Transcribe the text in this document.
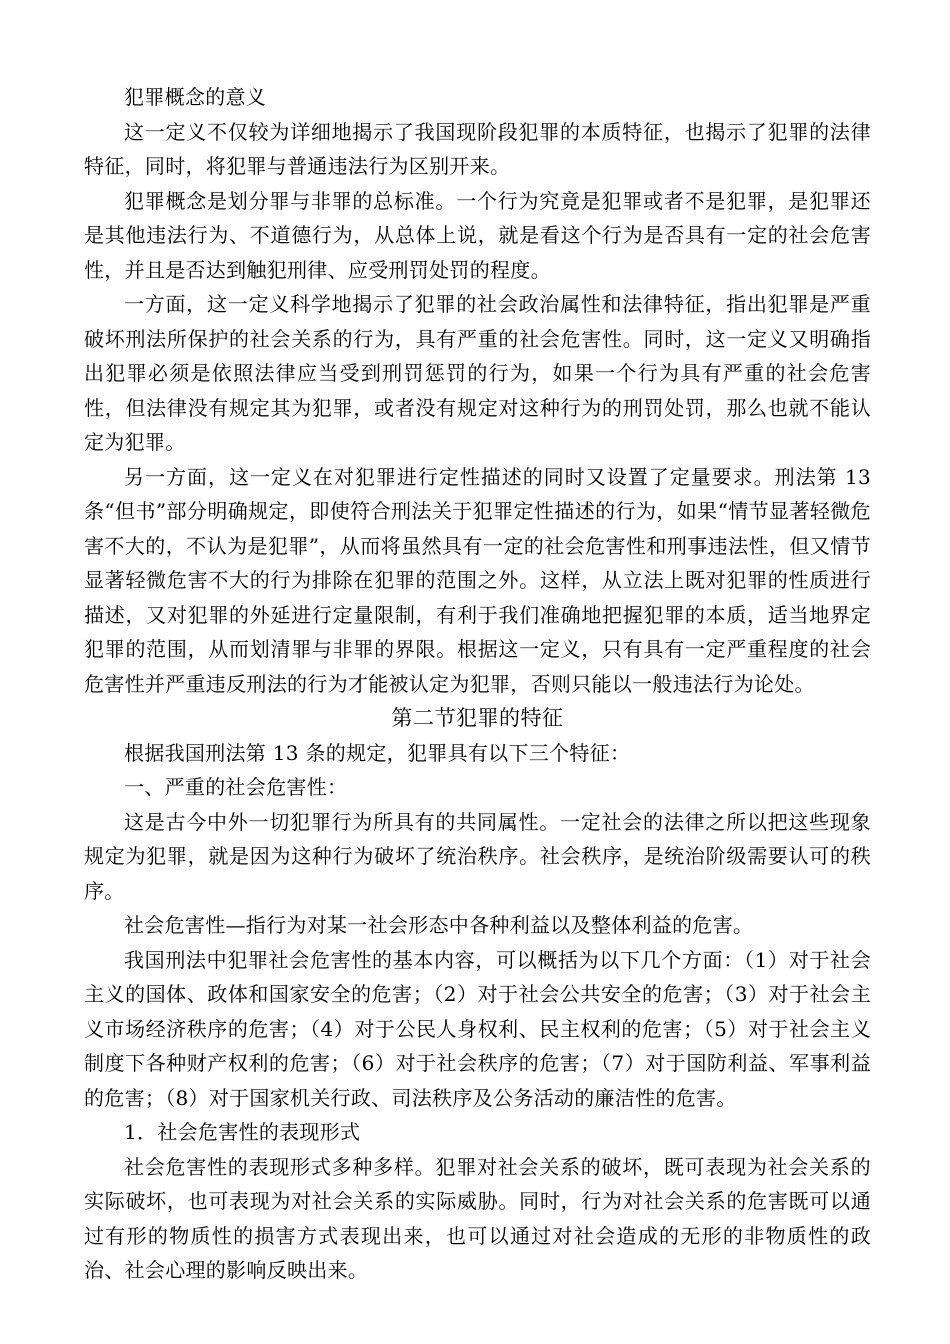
犯罪概念的意义

这一定义不仅较为详细地揭示了我国现阶段犯罪的本质特征，也揭示了犯罪的法律特征，同时，将犯罪与普通违法行为区别开来。

犯罪概念是划分罪与非罪的总标准。一个行为究竟是犯罪或者不是犯罪，是犯罪还是其他违法行为、不道德行为，从总体上说，就是看这个行为是否具有一定的社会危害性，并且是否达到触犯刑律、应受刑罚处罚的程度。

一方面，这一定义科学地揭示了犯罪的社会政治属性和法律特征，指出犯罪是严重破坏刑法所保护的社会关系的行为，具有严重的社会危害性。同时，这一定义又明确指出犯罪必须是依照法律应当受到刑罚惩罚的行为，如果一个行为具有严重的社会危害性，但法律没有规定其为犯罪，或者没有规定对这种行为的刑罚处罚，那么也就不能认定为犯罪。

另一方面，这一定义在对犯罪进行定性描述的同时又设置了定量要求。刑法第 13 条“但书”部分明确规定，即使符合刑法关于犯罪定性描述的行为，如果“情节显著轻微危害不大的，不认为是犯罪”，从而将虽然具有一定的社会危害性和刑事违法性，但又情节显著轻微危害不大的行为排除在犯罪的范围之外。这样，从立法上既对犯罪的性质进行描述，又对犯罪的外延进行定量限制，有利于我们准确地把握犯罪的本质，适当地界定犯罪的范围，从而划清罪与非罪的界限。根据这一定义，只有具有一定严重程度的社会危害性并严重违反刑法的行为才能被认定为犯罪，否则只能以一般违法行为论处。

第二节犯罪的特征

根据我国刑法第 13 条的规定，犯罪具有以下三个特征：

一、严重的社会危害性：

这是古今中外一切犯罪行为所具有的共同属性。一定社会的法律之所以把这些现象规定为犯罪，就是因为这种行为破坏了统治秩序。社会秩序，是统治阶级需要认可的秩序。

社会危害性—指行为对某一社会形态中各种利益以及整体利益的危害。

我国刑法中犯罪社会危害性的基本内容，可以概括为以下几个方面：（1）对于社会主义的国体、政体和国家安全的危害；（2）对于社会公共安全的危害；（3）对于社会主义市场经济秩序的危害；（4）对于公民人身权利、民主权利的危害；（5）对于社会主义制度下各种财产权利的危害；（6）对于社会秩序的危害；（7）对于国防利益、军事利益的危害；（8）对于国家机关行政、司法秩序及公务活动的廉洁性的危害。

1．社会危害性的表现形式

社会危害性的表现形式多种多样。犯罪对社会关系的破坏，既可表现为社会关系的实际破坏，也可表现为对社会关系的实际威胁。同时，行为对社会关系的危害既可以通过有形的物质性的损害方式表现出来，也可以通过对社会造成的无形的非物质性的政治、社会心理的影响反映出来。
